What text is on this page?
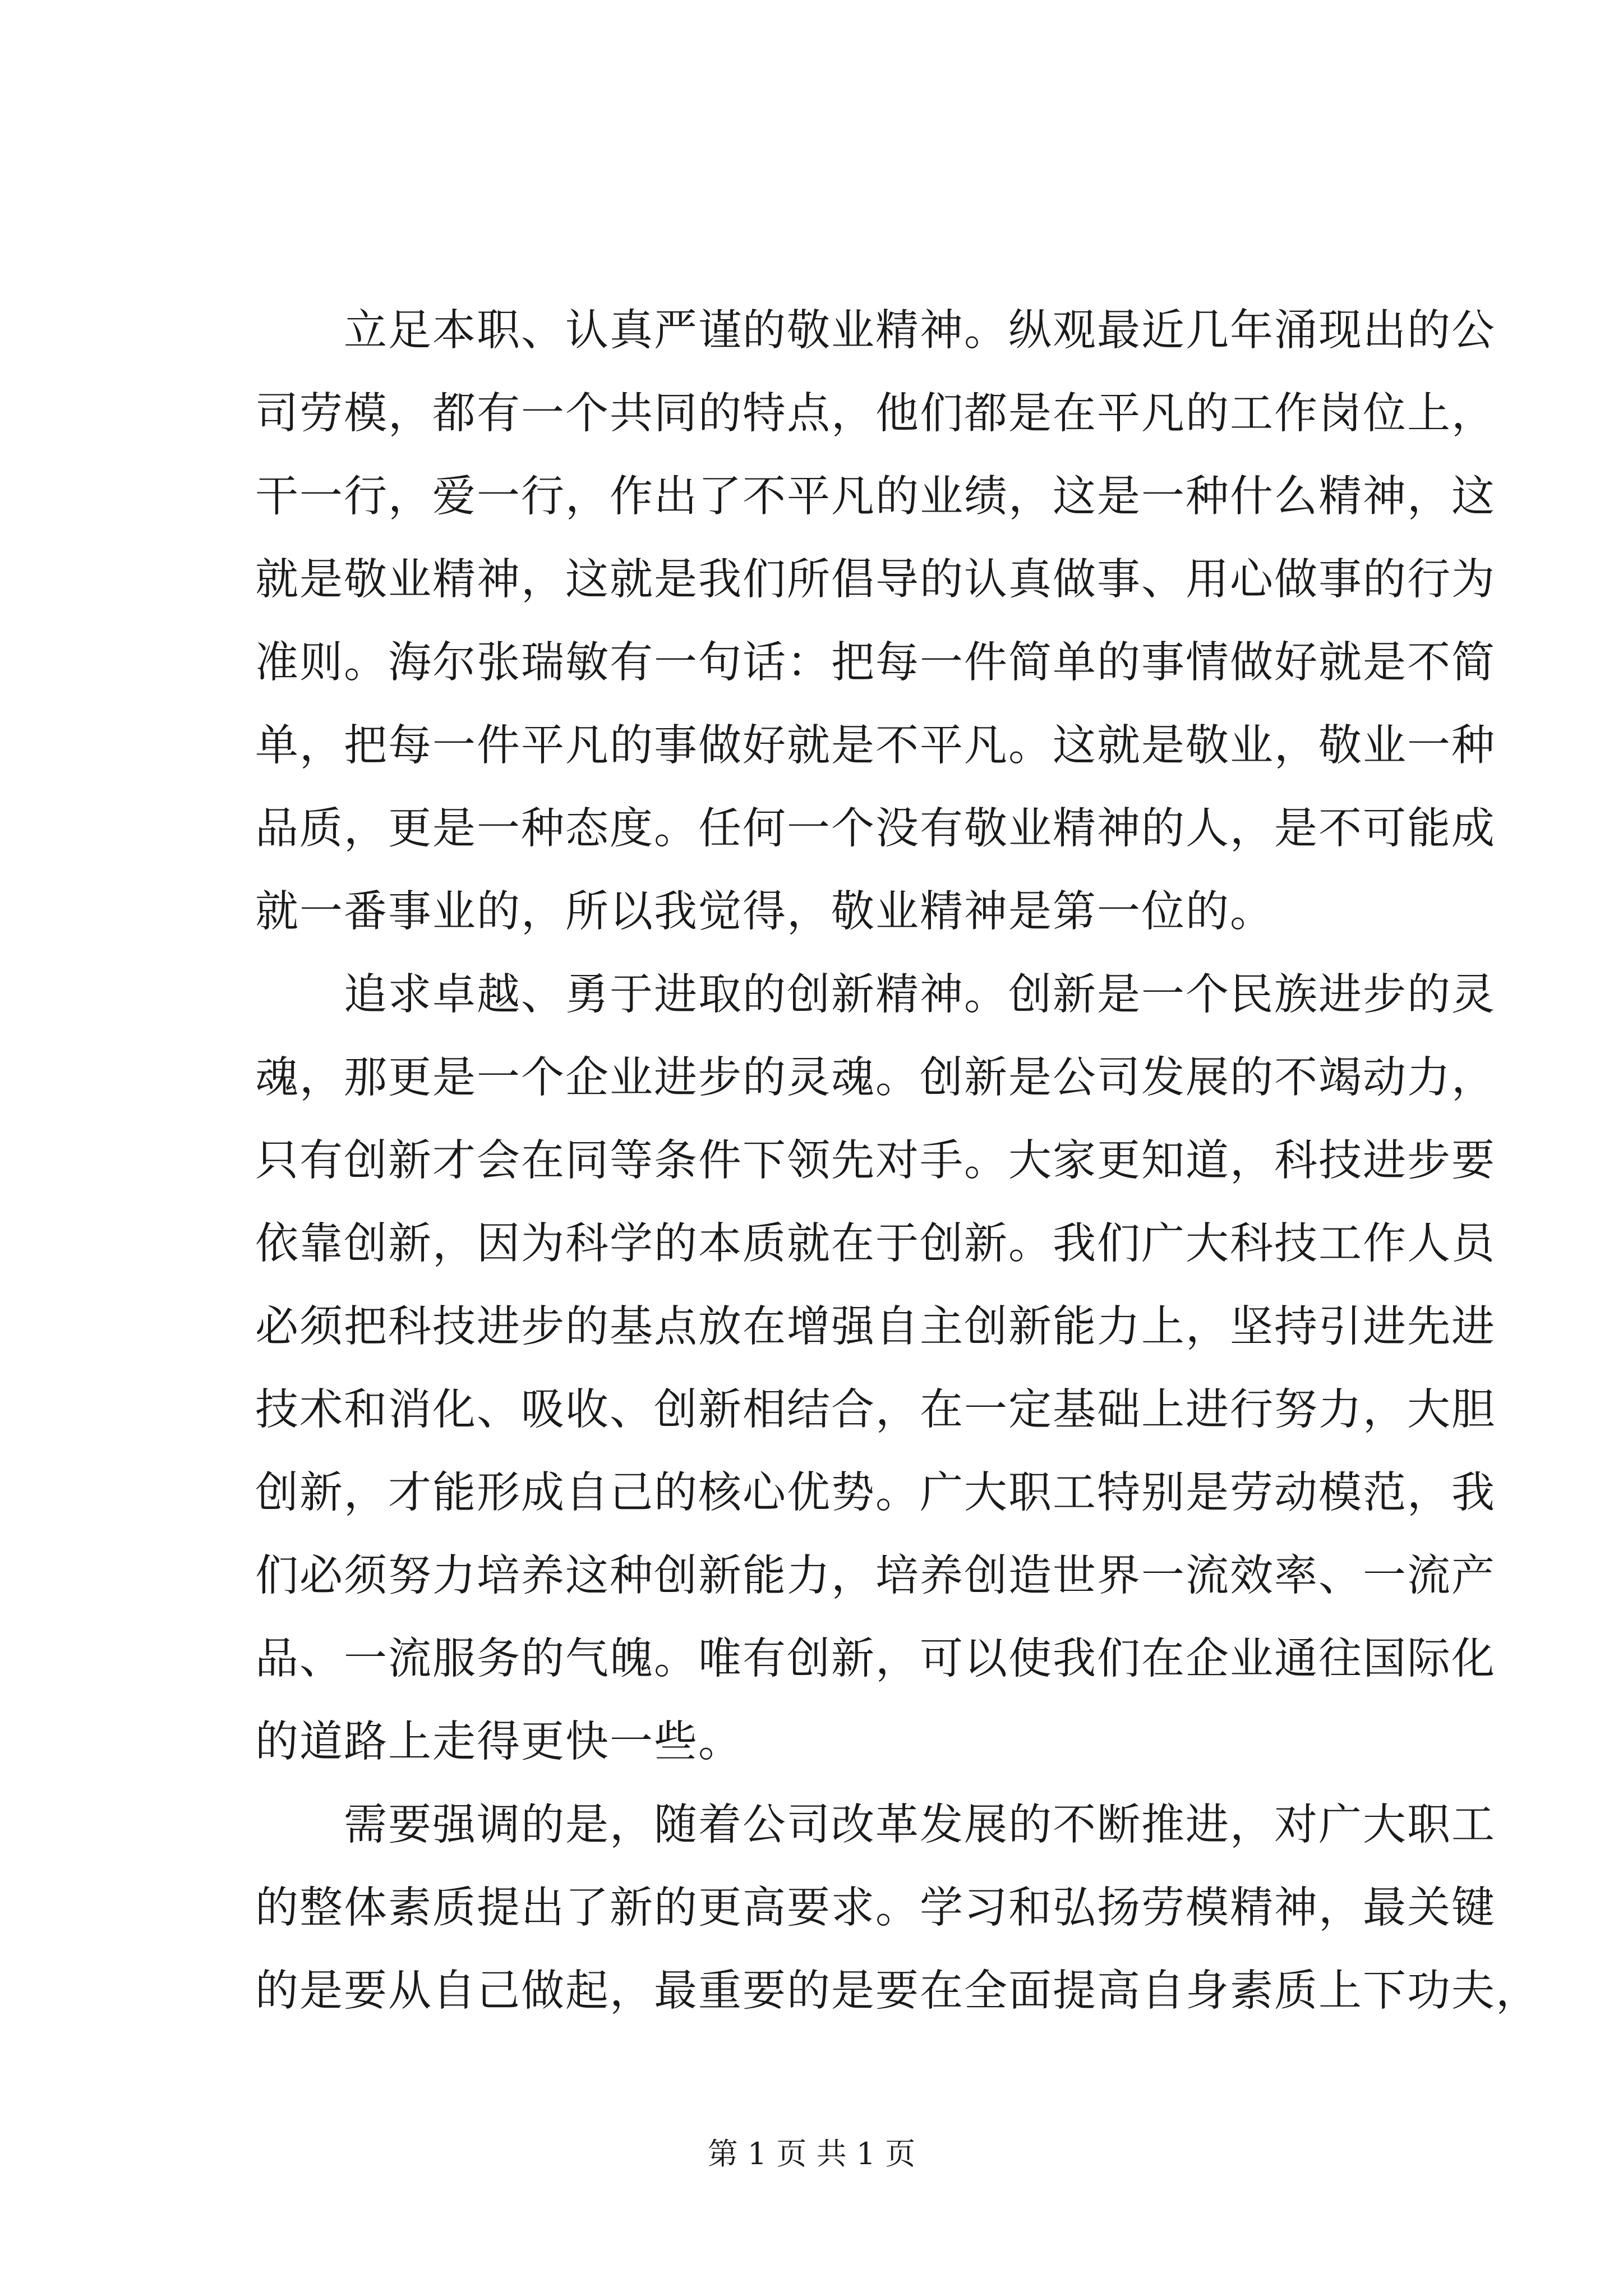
立足本职、认真严谨的敬业精神。纵观最近几年涌现出的公
司劳模，都有一个共同的特点，他们都是在平凡的工作岗位上，
干一行，爱一行，作出了不平凡的业绩，这是一种什么精神，这
就是敬业精神，这就是我们所倡导的认真做事、用心做事的行为
准则。海尔张瑞敏有一句话：把每一件简单的事情做好就是不简
单，把每一件平凡的事做好就是不平凡。这就是敬业，敬业一种
品质，更是一种态度。任何一个没有敬业精神的人，是不可能成
就一番事业的，所以我觉得，敬业精神是第一位的。
追求卓越、勇于进取的创新精神。创新是一个民族进步的灵
魂，那更是一个企业进步的灵魂。创新是公司发展的不竭动力，
只有创新才会在同等条件下领先对手。大家更知道，科技进步要
依靠创新，因为科学的本质就在于创新。我们广大科技工作人员
必须把科技进步的基点放在增强自主创新能力上，坚持引进先进
技术和消化、吸收、创新相结合，在一定基础上进行努力，大胆
创新，才能形成自己的核心优势。广大职工特别是劳动模范，我
们必须努力培养这种创新能力，培养创造世界一流效率、一流产
品、一流服务的气魄。唯有创新，可以使我们在企业通往国际化
的道路上走得更快一些。
需要强调的是，随着公司改革发展的不断推进，对广大职工
的整体素质提出了新的更高要求。学习和弘扬劳模精神，最关键
的是要从自己做起，最重要的是要在全面提高自身素质上下功夫，
第 1 页 共 1 页
